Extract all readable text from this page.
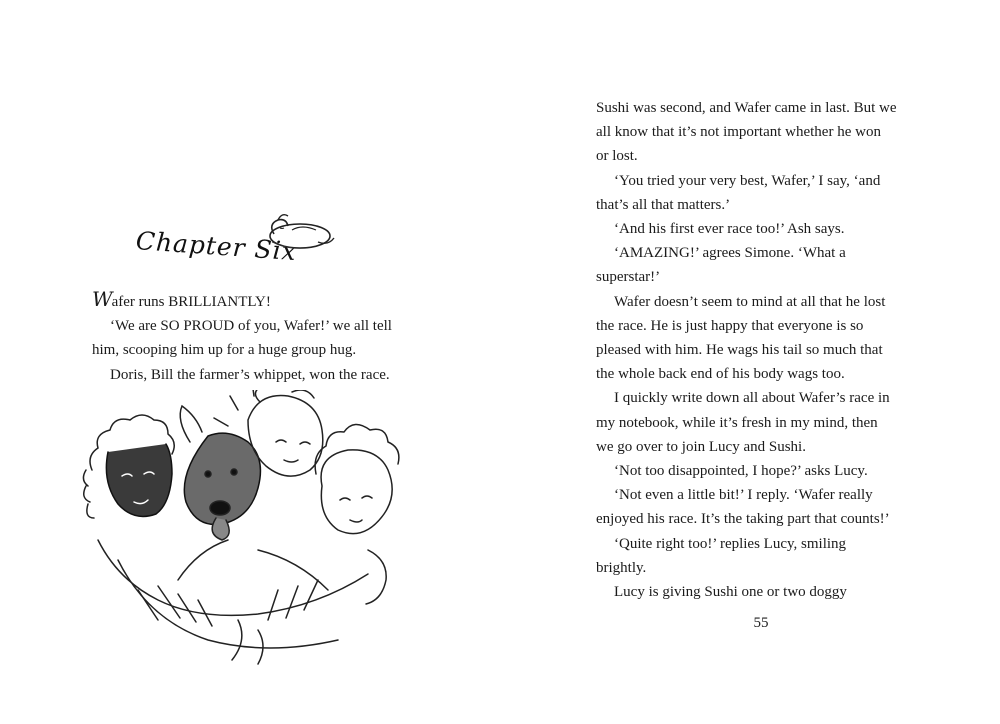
Chapter Six

Wafer runs BRILLIANTLY!

‘We are SO PROUD of you, Wafer!’ we all tell

him, scooping him up for a huge group hug.

Doris, Bill the farmer’s whippet, won the race.

Sushi was second, and Wafer came in last. But we

all know that it’s not important whether he won

or lost.

‘You tried your very best, Wafer,’ I say, ‘and

that’s all that matters.’

‘And his first ever race too!’ Ash says.

‘AMAZING!’ agrees Simone. ‘What a

superstar!’

Wafer doesn’t seem to mind at all that he lost

the race. He is just happy that everyone is so

pleased with him. He wags his tail so much that

the whole back end of his body wags too.

I quickly write down all about Wafer’s race in

my notebook, while it’s fresh in my mind, then

we go over to join Lucy and Sushi.

‘Not too disappointed, I hope?’ asks Lucy.

‘Not even a little bit!’ I reply. ‘Wafer really

enjoyed his race. It’s the taking part that counts!’

‘Quite right too!’ replies Lucy, smiling

brightly.

Lucy is giving Sushi one or two doggy

55
